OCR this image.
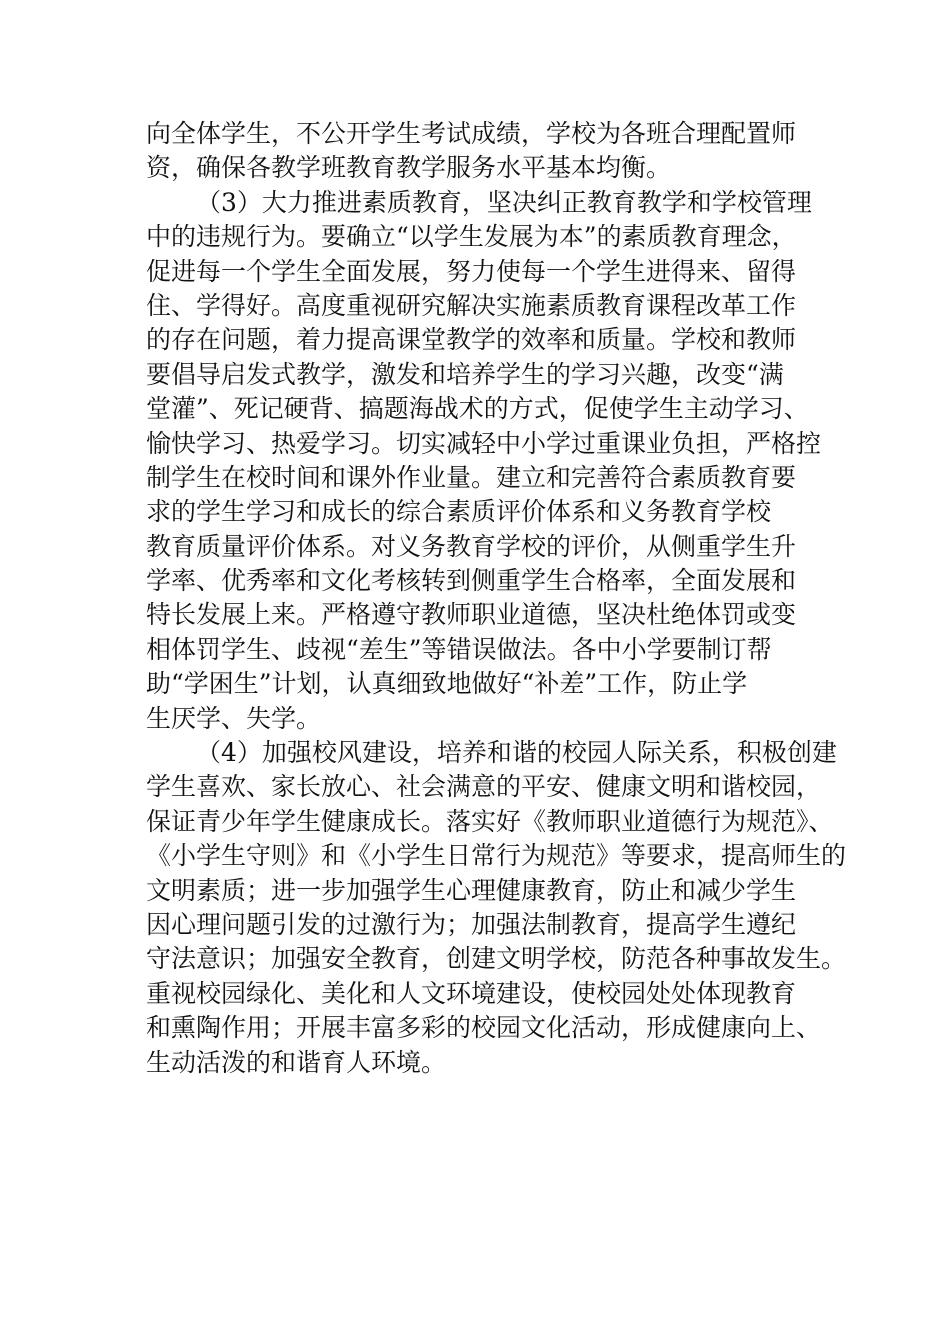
向全体学生，不公开学生考试成绩，学校为各班合理配置师
资，确保各教学班教育教学服务水平基本均衡。
（3）大力推进素质教育，坚决纠正教育教学和学校管理
中的违规行为。要确立“以学生发展为本”的素质教育理念，
促进每一个学生全面发展，努力使每一个学生进得来、留得
住、学得好。高度重视研究解决实施素质教育课程改革工作
的存在问题，着力提高课堂教学的效率和质量。学校和教师
要倡导启发式教学，激发和培养学生的学习兴趣，改变“满
堂灌”、死记硬背、搞题海战术的方式，促使学生主动学习、
愉快学习、热爱学习。切实减轻中小学过重课业负担，严格控
制学生在校时间和课外作业量。建立和完善符合素质教育要
求的学生学习和成长的综合素质评价体系和义务教育学校
教育质量评价体系。对义务教育学校的评价，从侧重学生升
学率、优秀率和文化考核转到侧重学生合格率，全面发展和
特长发展上来。严格遵守教师职业道德，坚决杜绝体罚或变
相体罚学生、歧视“差生”等错误做法。各中小学要制订帮
助“学困生”计划，认真细致地做好“补差”工作，防止学
生厌学、失学。
（4）加强校风建设，培养和谐的校园人际关系，积极创建
学生喜欢、家长放心、社会满意的平安、健康文明和谐校园，
保证青少年学生健康成长。落实好《教师职业道德行为规范》、
《小学生守则》和《小学生日常行为规范》等要求，提高师生的
文明素质；进一步加强学生心理健康教育，防止和减少学生
因心理问题引发的过激行为；加强法制教育，提高学生遵纪
守法意识；加强安全教育，创建文明学校，防范各种事故发生。
重视校园绿化、美化和人文环境建设，使校园处处体现教育
和熏陶作用；开展丰富多彩的校园文化活动，形成健康向上、
生动活泼的和谐育人环境。
